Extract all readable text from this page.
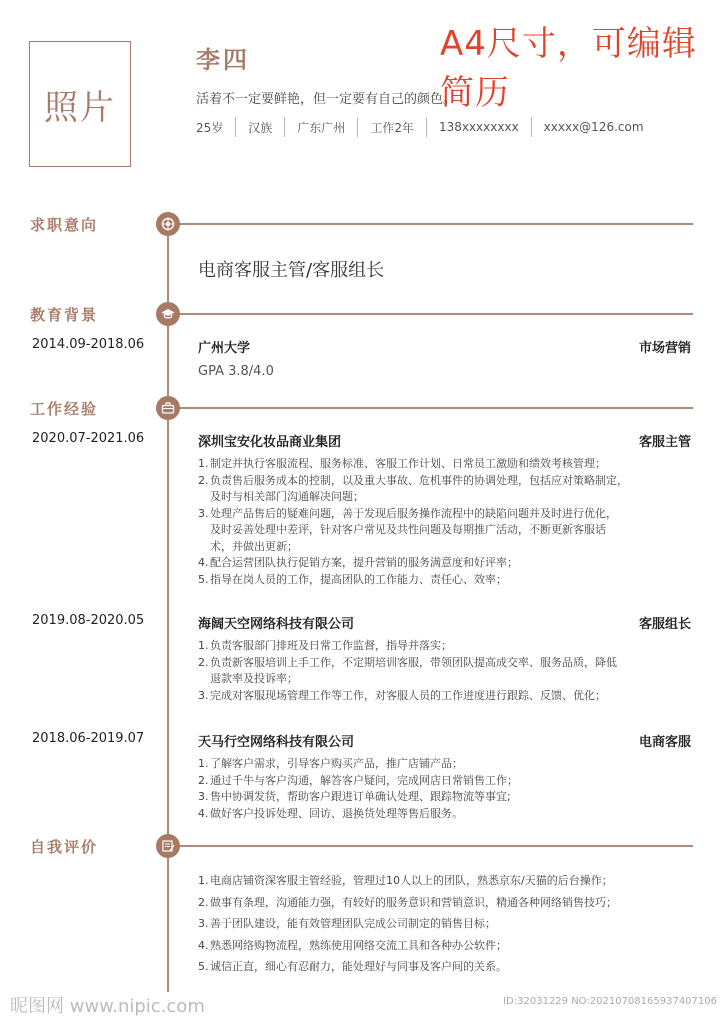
照片
李四	A4尺寸，可编辑简历
活着不一定要鲜艳，但一定要有自己的颜色。
25岁	汉族	广东广州	工作2年	138xxxxxxxx	xxxxx@126.com
求职意向
电商客服主管/客服组长
教育背景
2014.09-2018.06	广州大学	市场营销
GPA 3.8/4.0
工作经验
2020.07-2021.06	深圳宝安化妆品商业集团	客服主管
1. 制定并执行客服流程、服务标准、客服工作计划、日常员工激励和绩效考核管理；
2. 负责售后服务成本的控制，以及重大事故、危机事件的协调处理，包括应对策略制定，
及时与相关部门沟通解决问题；
3. 处理产品售后的疑难问题，善于发现后服务操作流程中的缺陷问题并及时进行优化，
及时妥善处理中差评，针对客户常见及共性问题及每期推广活动，不断更新客服话
术，并做出更新；
4. 配合运营团队执行促销方案，提升营销的服务满意度和好评率；
5. 指导在岗人员的工作，提高团队的工作能力、责任心、效率；
2019.08-2020.05	海阔天空网络科技有限公司	客服组长
1. 负责客服部门排班及日常工作监督，指导并落实；
2. 负责新客服培训上手工作，不定期培训客服，带领团队提高成交率、服务品质，降低
退款率及投诉率；
3. 完成对客服现场管理工作等工作，对客服人员的工作进度进行跟踪、反馈、优化；
2018.06-2019.07	天马行空网络科技有限公司	电商客服
1. 了解客户需求，引导客户购买产品，推广店铺产品；
2. 通过千牛与客户沟通，解答客户疑问，完成网店日常销售工作；
3. 售中协调发货，帮助客户跟进订单确认处理、跟踪物流等事宜;
4. 做好客户投诉处理、回访、退换货处理等售后服务。
自我评价
1. 电商店铺资深客服主管经验，管理过10人以上的团队，熟悉京东/天猫的后台操作；
2. 做事有条理，沟通能力强，有较好的服务意识和营销意识，精通各种网络销售技巧；
3. 善于团队建设，能有效管理团队完成公司制定的销售目标；
4. 熟悉网络购物流程，熟练使用网络交流工具和各种办公软件；
5. 诚信正直，细心有忍耐力，能处理好与同事及客户间的关系。
昵图网 www.nipic.com	ID:32031229 NO:20210708165937407106
